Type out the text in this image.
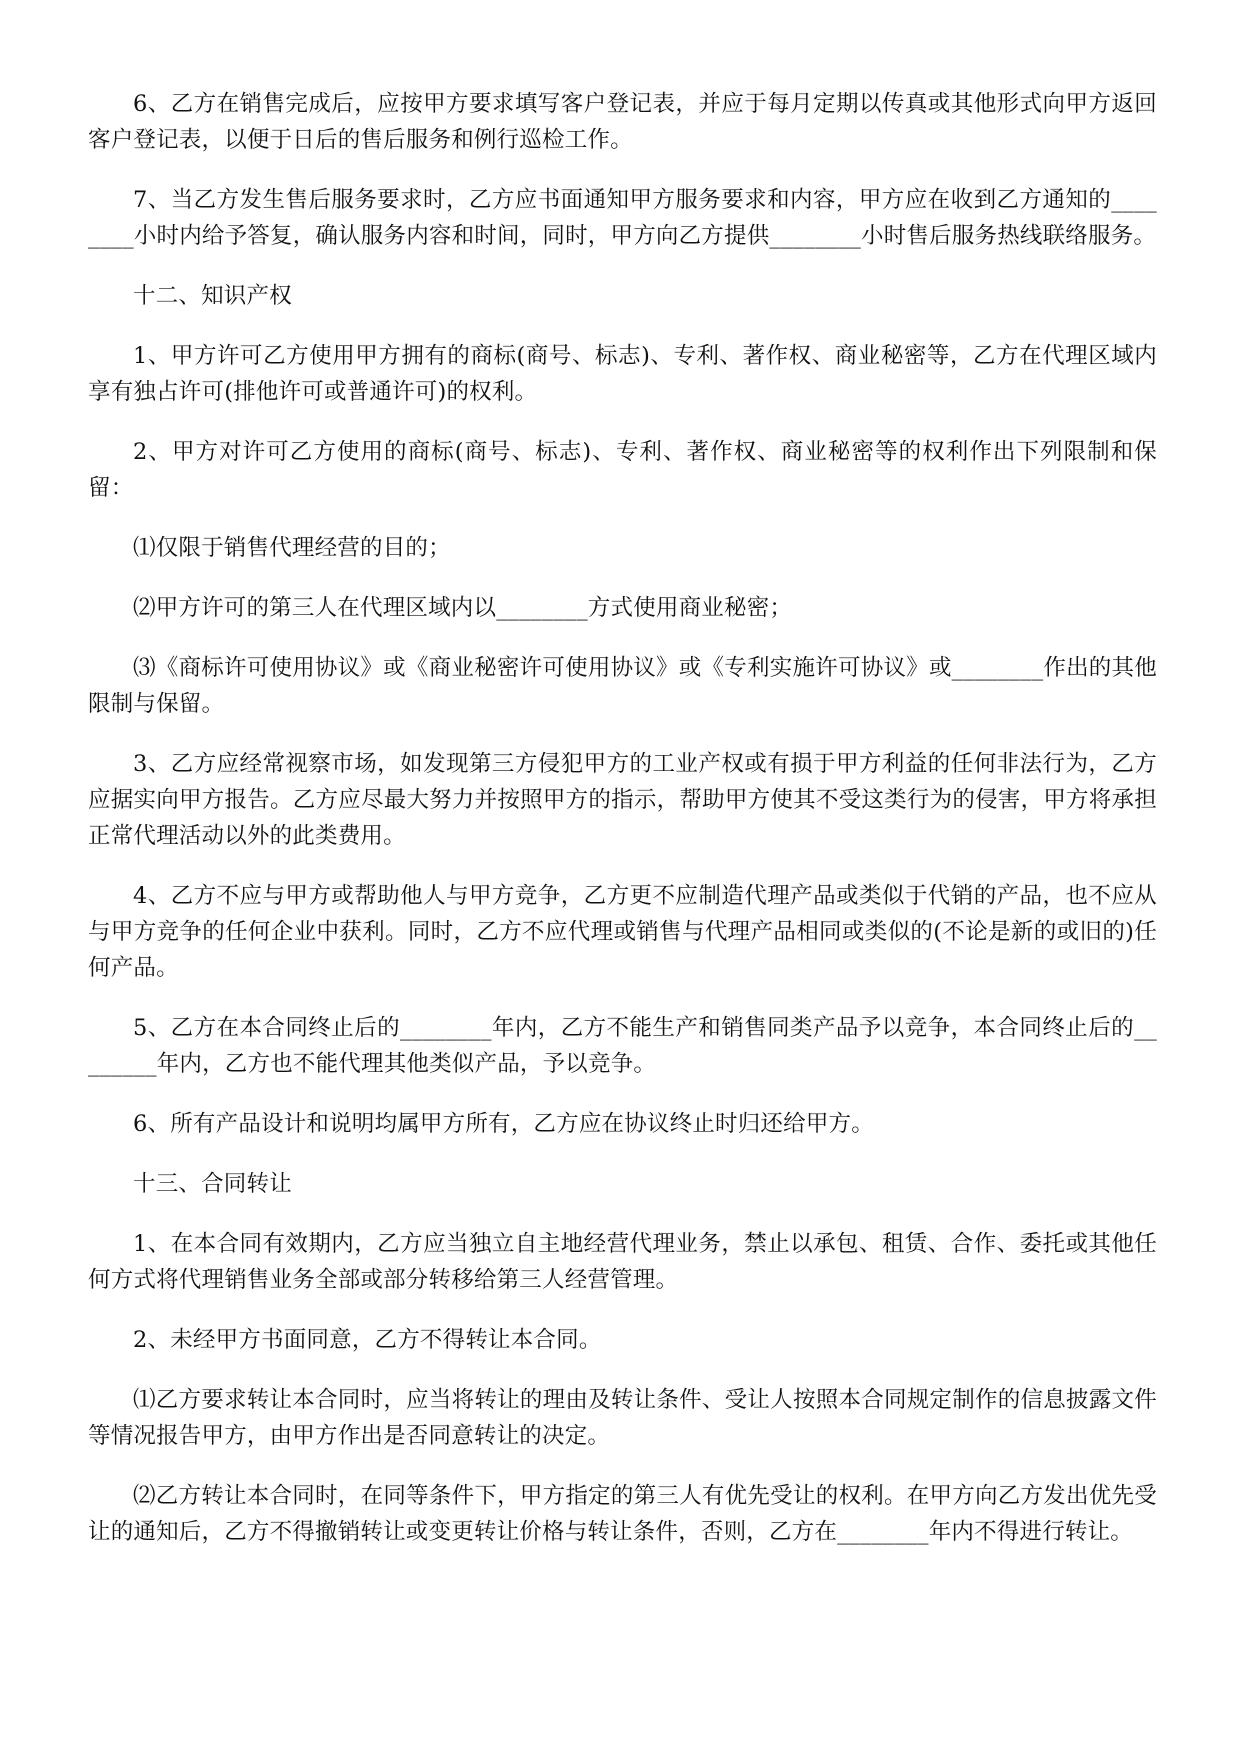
6、乙方在销售完成后，应按甲方要求填写客户登记表，并应于每月定期以传真或其他形式向甲方返回客户登记表，以便于日后的售后服务和例行巡检工作。

7、当乙方发生售后服务要求时，乙方应书面通知甲方服务要求和内容，甲方应在收到乙方通知的________小时内给予答复，确认服务内容和时间，同时，甲方向乙方提供________小时售后服务热线联络服务。

十二、知识产权

1、甲方许可乙方使用甲方拥有的商标(商号、标志)、专利、著作权、商业秘密等，乙方在代理区域内享有独占许可(排他许可或普通许可)的权利。

2、甲方对许可乙方使用的商标(商号、标志)、专利、著作权、商业秘密等的权利作出下列限制和保留：

⑴仅限于销售代理经营的目的；

⑵甲方许可的第三人在代理区域内以________方式使用商业秘密；

⑶《商标许可使用协议》或《商业秘密许可使用协议》或《专利实施许可协议》或________作出的其他限制与保留。

3、乙方应经常视察市场，如发现第三方侵犯甲方的工业产权或有损于甲方利益的任何非法行为，乙方应据实向甲方报告。乙方应尽最大努力并按照甲方的指示，帮助甲方使其不受这类行为的侵害，甲方将承担正常代理活动以外的此类费用。

4、乙方不应与甲方或帮助他人与甲方竞争，乙方更不应制造代理产品或类似于代销的产品，也不应从与甲方竞争的任何企业中获利。同时，乙方不应代理或销售与代理产品相同或类似的(不论是新的或旧的)任何产品。

5、乙方在本合同终止后的________年内，乙方不能生产和销售同类产品予以竞争，本合同终止后的________年内，乙方也不能代理其他类似产品，予以竞争。

6、所有产品设计和说明均属甲方所有，乙方应在协议终止时归还给甲方。

十三、合同转让

1、在本合同有效期内，乙方应当独立自主地经营代理业务，禁止以承包、租赁、合作、委托或其他任何方式将代理销售业务全部或部分转移给第三人经营管理。

2、未经甲方书面同意，乙方不得转让本合同。

⑴乙方要求转让本合同时，应当将转让的理由及转让条件、受让人按照本合同规定制作的信息披露文件等情况报告甲方，由甲方作出是否同意转让的决定。

⑵乙方转让本合同时，在同等条件下，甲方指定的第三人有优先受让的权利。在甲方向乙方发出优先受让的通知后，乙方不得撤销转让或变更转让价格与转让条件，否则，乙方在________年内不得进行转让。
